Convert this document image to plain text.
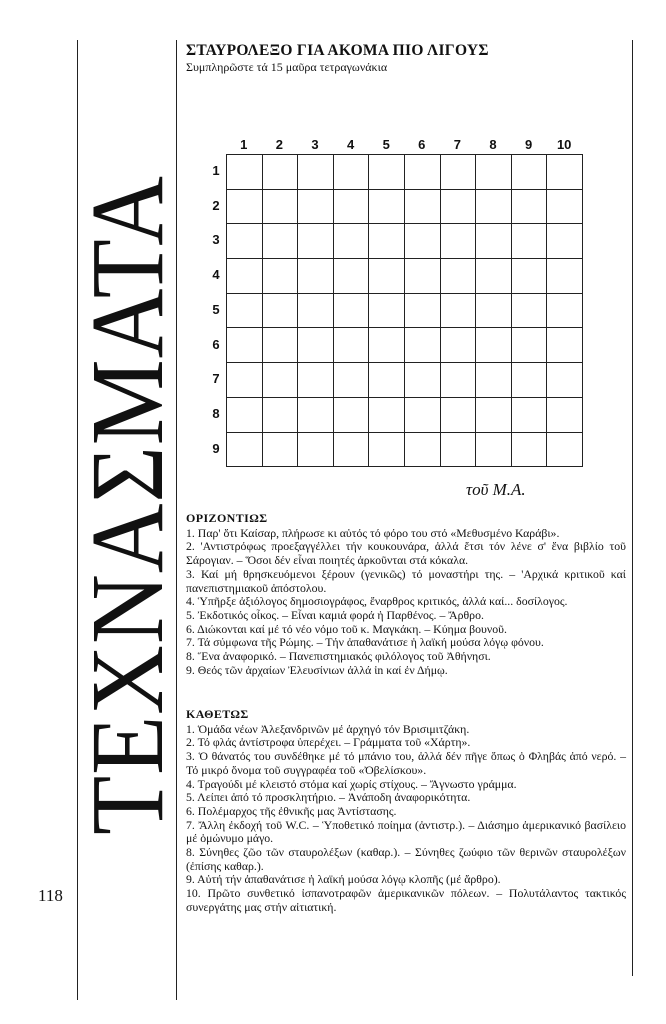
ΤΕΧΝΑΣΜΑΤΑ
118
ΣΤΑΥΡΟΛΕΞΟ ΓΙΑ ΑΚΟΜΑ ΠΙΟ ΛΙΓΟΥΣ

Συμπληρῶστε τά 15 μαῦρα τετραγωνάκια

1	2	3	4	5	6	7	8	9	10
1
2
3
4
5
6
7
8
9
τοῦ Μ.Α.
ΟΡΙΖΟΝΤΙΩΣ

1. Παρ' ὅτι Καίσαρ, πλήρωσε κι αὐτός τό φόρο του στό «Μεθυσμένο Καράβι».

2. 'Αντιστρόφως προεξαγγέλλει τήν κουκουνάρα, ἀλλά ἔτσι τόν λένε σ' ἕνα βιβλίο τοῦ Σάρογιαν. – Ὅσοι δέν εἶναι ποιητές ἀρκοῦνται στά κόκαλα.

3. Καί μή θρησκευόμενοι ξέρουν (γενικῶς) τό μοναστήρι της. – 'Αρχικά κριτικοῦ καί πανεπιστημιακοῦ ἀπόστολου.

4. Ὑπῆρξε ἀξιόλογος δημοσιογράφος, ἔναρθρος κριτικός, ἀλλά καί... δοσίλογος.

5. Ἐκδοτικός οἶκος. – Εἶναι καμιά φορά ἡ Παρθένος. – Ἄρθρο.

6. Διώκονται καί μέ τό νέο νόμο τοῦ κ. Μαγκάκη. – Κύημα βουνοῦ.

7. Τά σύμφωνα τῆς Ρώμης. – Τήν ἀπαθανάτισε ἡ λαϊκή μούσα λόγῳ φόνου.

8. Ἕνα ἀναφορικό. – Πανεπιστημιακός φιλόλογος τοῦ Ἀθήνησι.

9. Θεός τῶν ἀρχαίων Ἐλευσίνιων ἀλλά ἰn καί ἐν Δήμῳ.

ΚΑΘΕΤΩΣ

1. Ὁμάδα νέων Ἀλεξανδρινῶν μέ ἀρχηγό τόν Βρισιμιτζάκη.

2. Τό φλάς ἀντίστροφα ὑπερέχει. – Γράμματα τοῦ «Χάρτη».

3. Ὁ θάνατός του συνδέθηκε μέ τό μπάνιο του, ἀλλά δέν πῆγε ὅπως ὁ Φληβάς ἀπό νερό. – Τό μικρό ὄνομα τοῦ συγγραφέα τοῦ «Ὀβελίσκου».

4. Τραγούδι μέ κλειστό στόμα καί χωρίς στίχους. – Ἄγνωστο γράμμα.

5. Λείπει ἀπό τό προσκλητήριο. – Ἀνάποδη ἀναφορικότητα.

6. Πολέμαρχος τῆς ἐθνικῆς μας Ἀντίστασης.

7. Ἄλλη ἐκδοχή τοῦ W.C. – Ὑποθετικό ποίημα (ἀντιστρ.). – Διάσημο ἀμερικανικό βασίλειο μέ ὁμώνυμο μάγο.

8. Σύνηθες ζῶο τῶν σταυρολέξων (καθαρ.). – Σύνηθες ζωύφιο τῶν θερινῶν σταυρολέξων (ἐπίσης καθαρ.).

9. Αὐτή τήν ἀπαθανάτισε ἡ λαϊκή μούσα λόγῳ κλοπῆς (μέ ἄρθρο).

10. Πρῶτο συνθετικό ἰσπανοτραφῶν ἀμερικανικῶν πόλεων. – Πολυτάλαντος τακτικός συνεργάτης μας στήν αἰτιατική.
